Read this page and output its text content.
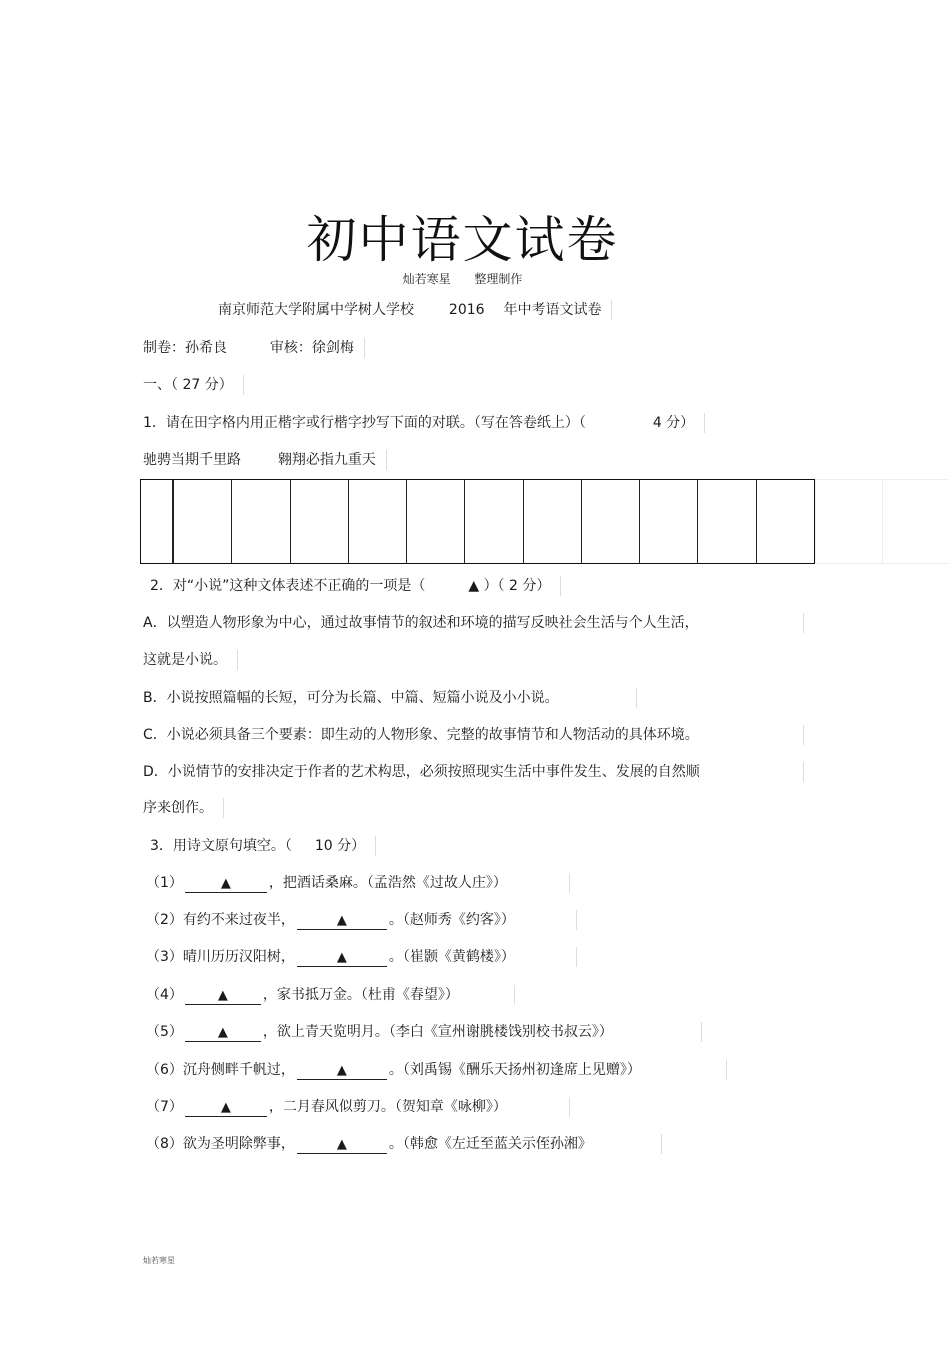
初中语文试卷
灿若寒星 整理制作
南京师范大学附属中学树人学校 2016 年中考语文试卷
制卷：孙希良	审核：徐剑梅
一、（ 27 分）
1．请在田字格内用正楷字或行楷字抄写下面的对联。（写在答卷纸上）（	4 分）
驰骋当期千里路	翱翔必指九重天
2．对“小说”这种文体表述不正确的一项是（	▲ ）（ 2 分）
A．以塑造人物形象为中心，通过故事情节的叙述和环境的描写反映社会生活与个人生活，
这就是小说。
B．小说按照篇幅的长短，可分为长篇、中篇、短篇小说及小小说。
C．小说必须具备三个要素：即生动的人物形象、完整的故事情节和人物活动的具体环境。
D．小说情节的安排决定于作者的艺术构思，必须按照现实生活中事件发生、发展的自然顺
序来创作。
3．用诗文原句填空。（ 10 分）
（1）	▲	，把酒话桑麻。（孟浩然《过故人庄》）
（2）有约不来过夜半，	▲	。（赵师秀《约客》）
（3）晴川历历汉阳树，	▲	。（崔颢《黄鹤楼》）
（4）	▲	，家书抵万金。（杜甫《春望》）
（5）	▲	，欲上青天览明月。（李白《宣州谢朓楼饯别校书叔云》）
（6）沉舟侧畔千帆过，	▲	。（刘禹锡《酬乐天扬州初逢席上见赠》）
（7）	▲	，二月春风似剪刀。（贺知章《咏柳》）
（8）欲为圣明除弊事，	▲	。（韩愈《左迁至蓝关示侄孙湘》
灿若寒星
